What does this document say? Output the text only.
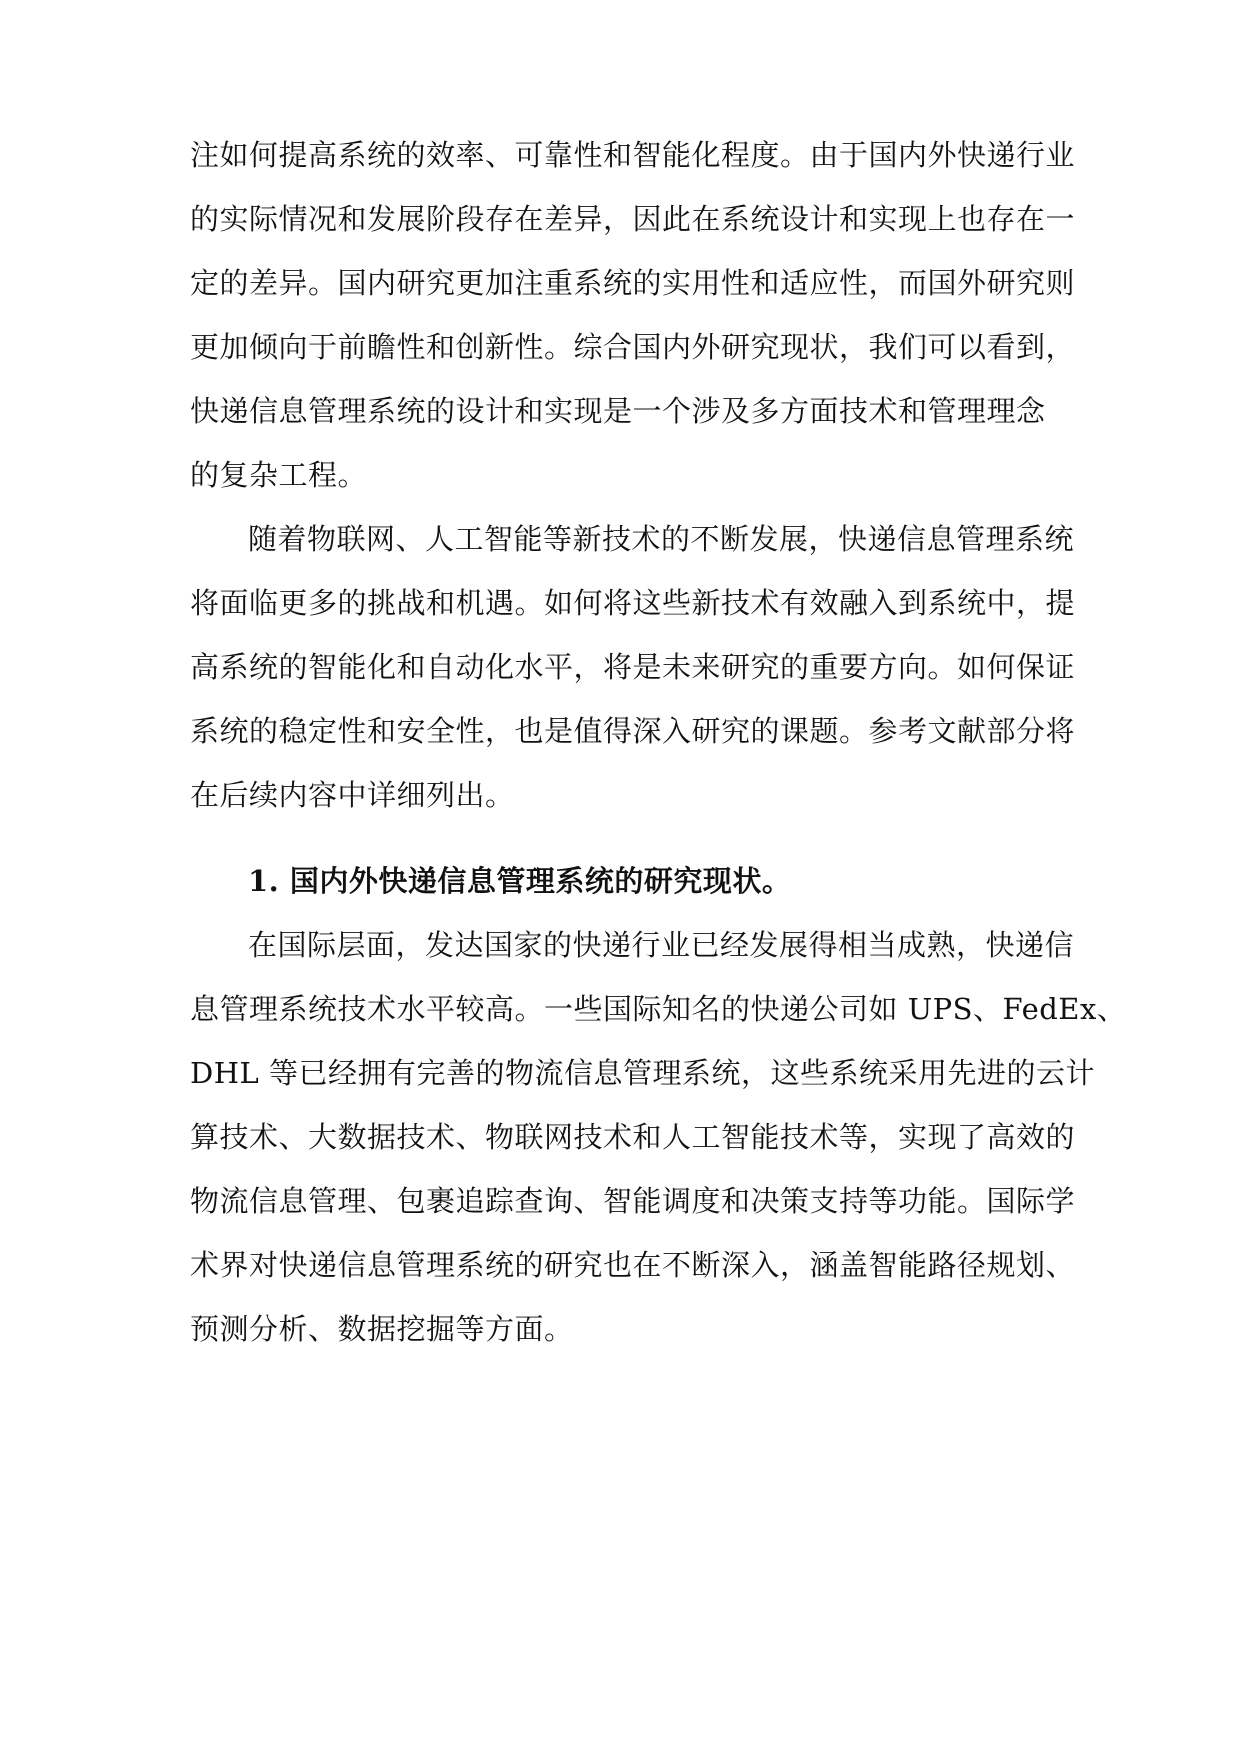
注如何提高系统的效率、可靠性和智能化程度。由于国内外快递行业
的实际情况和发展阶段存在差异，因此在系统设计和实现上也存在一
定的差异。国内研究更加注重系统的实用性和适应性，而国外研究则
更加倾向于前瞻性和创新性。综合国内外研究现状，我们可以看到，
快递信息管理系统的设计和实现是一个涉及多方面技术和管理理念
的复杂工程。
随着物联网、人工智能等新技术的不断发展，快递信息管理系统
将面临更多的挑战和机遇。如何将这些新技术有效融入到系统中，提
高系统的智能化和自动化水平，将是未来研究的重要方向。如何保证
系统的稳定性和安全性，也是值得深入研究的课题。参考文献部分将
在后续内容中详细列出。
1. 国内外快递信息管理系统的研究现状。
在国际层面，发达国家的快递行业已经发展得相当成熟，快递信
息管理系统技术水平较高。一些国际知名的快递公司如 UPS、FedEx、
DHL 等已经拥有完善的物流信息管理系统，这些系统采用先进的云计
算技术、大数据技术、物联网技术和人工智能技术等，实现了高效的
物流信息管理、包裹追踪查询、智能调度和决策支持等功能。国际学
术界对快递信息管理系统的研究也在不断深入，涵盖智能路径规划、
预测分析、数据挖掘等方面。
